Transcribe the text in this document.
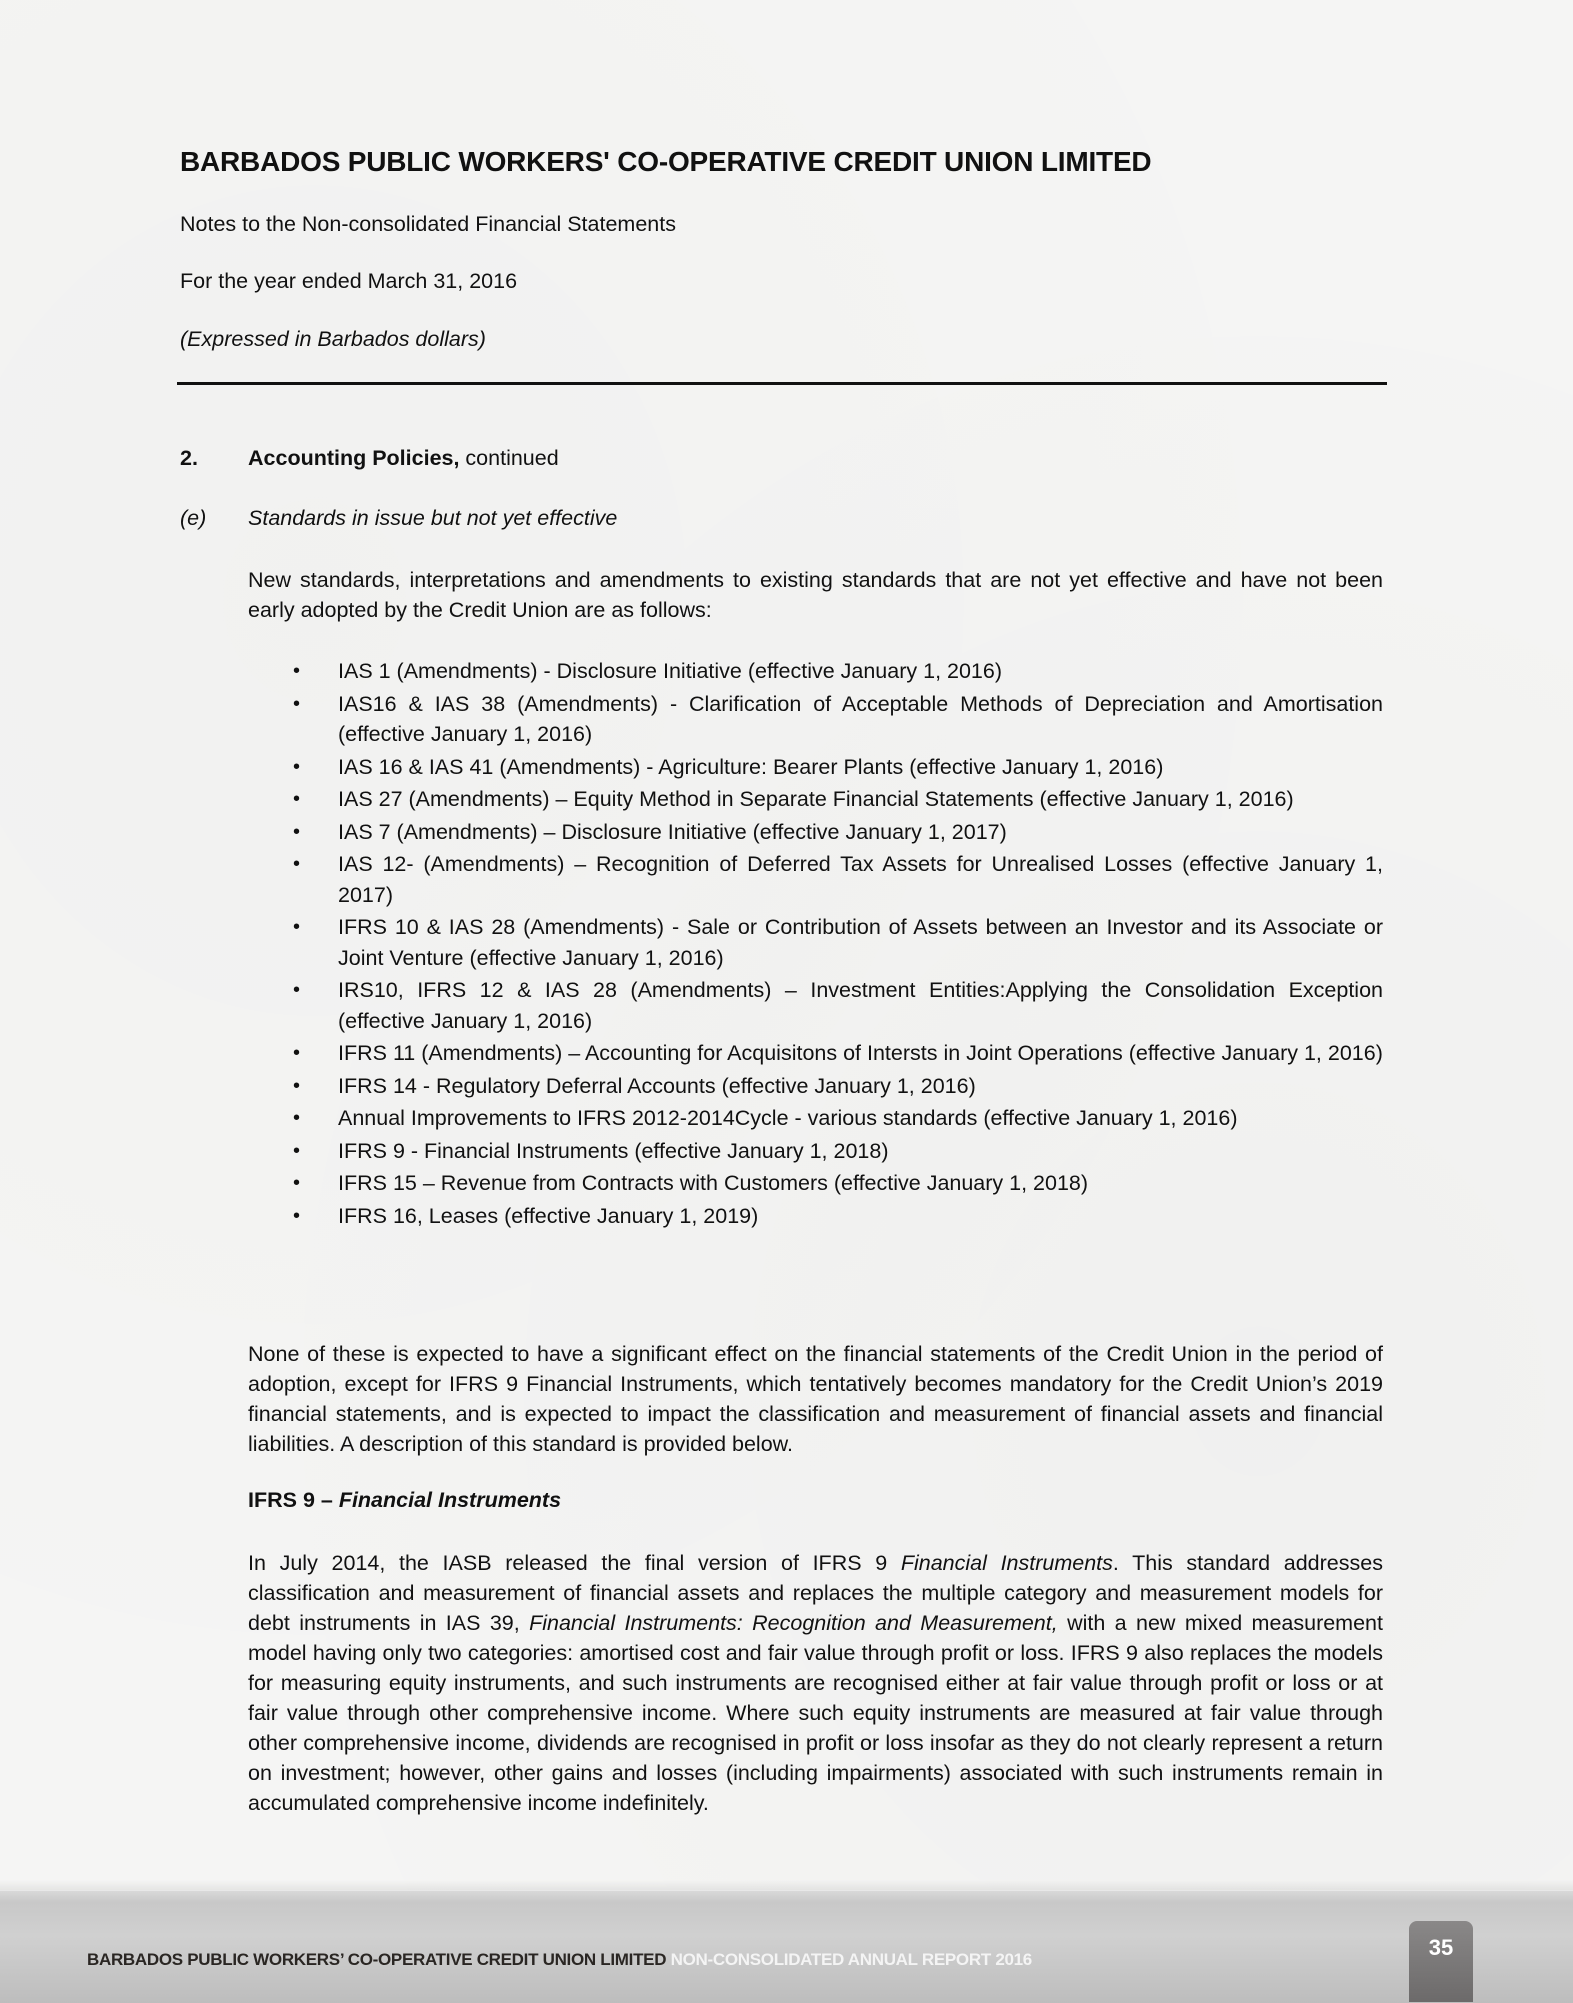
BARBADOS PUBLIC WORKERS' CO-OPERATIVE CREDIT UNION LIMITED
Notes to the Non-consolidated Financial Statements
For the year ended March 31, 2016
(Expressed in Barbados dollars)
2. Accounting Policies, continued
(e) Standards in issue but not yet effective
New standards, interpretations and amendments to existing standards that are not yet effective and have not been early adopted by the Credit Union are as follows:
• IAS 1 (Amendments) - Disclosure Initiative (effective January 1, 2016)
• IAS16 & IAS 38 (Amendments) - Clarification of Acceptable Methods of Depreciation and Amortisation (effective January 1, 2016)
• IAS 16 & IAS 41 (Amendments) - Agriculture: Bearer Plants (effective January 1, 2016)
• IAS 27 (Amendments) – Equity Method in Separate Financial Statements (effective January 1, 2016)
• IAS 7 (Amendments) – Disclosure Initiative (effective January 1, 2017)
• IAS 12- (Amendments) – Recognition of Deferred Tax Assets for Unrealised Losses (effective January 1, 2017)
• IFRS 10 & IAS 28 (Amendments) - Sale or Contribution of Assets between an Investor and its Associate or Joint Venture (effective January 1, 2016)
• IRS10, IFRS 12 & IAS 28 (Amendments) – Investment Entities:Applying the Consolidation Exception (effective January 1, 2016)
• IFRS 11 (Amendments) – Accounting for Acquisitons of Intersts in Joint Operations (effective January 1, 2016)
• IFRS 14 - Regulatory Deferral Accounts (effective January 1, 2016)
• Annual Improvements to IFRS 2012-2014Cycle - various standards (effective January 1, 2016)
• IFRS 9 - Financial Instruments (effective January 1, 2018)
• IFRS 15 – Revenue from Contracts with Customers (effective January 1, 2018)
• IFRS 16, Leases (effective January 1, 2019)
None of these is expected to have a significant effect on the financial statements of the Credit Union in the period of adoption, except for IFRS 9 Financial Instruments, which tentatively becomes mandatory for the Credit Union’s 2019 financial statements, and is expected to impact the classification and measurement of financial assets and financial liabilities. A description of this standard is provided below.
IFRS 9 – Financial Instruments
In July 2014, the IASB released the final version of IFRS 9 Financial Instruments. This standard addresses classification and measurement of financial assets and replaces the multiple category and measurement models for debt instruments in IAS 39, Financial Instruments: Recognition and Measurement, with a new mixed measurement model having only two categories: amortised cost and fair value through profit or loss. IFRS 9 also replaces the models for measuring equity instruments, and such instruments are recognised either at fair value through profit or loss or at fair value through other comprehensive income. Where such equity instruments are measured at fair value through other comprehensive income, dividends are recognised in profit or loss insofar as they do not clearly represent a return on investment; however, other gains and losses (including impairments) associated with such instruments remain in accumulated comprehensive income indefinitely.
BARBADOS PUBLIC WORKERS’ CO-OPERATIVE CREDIT UNION LIMITED NON-CONSOLIDATED ANNUAL REPORT 2016	35
